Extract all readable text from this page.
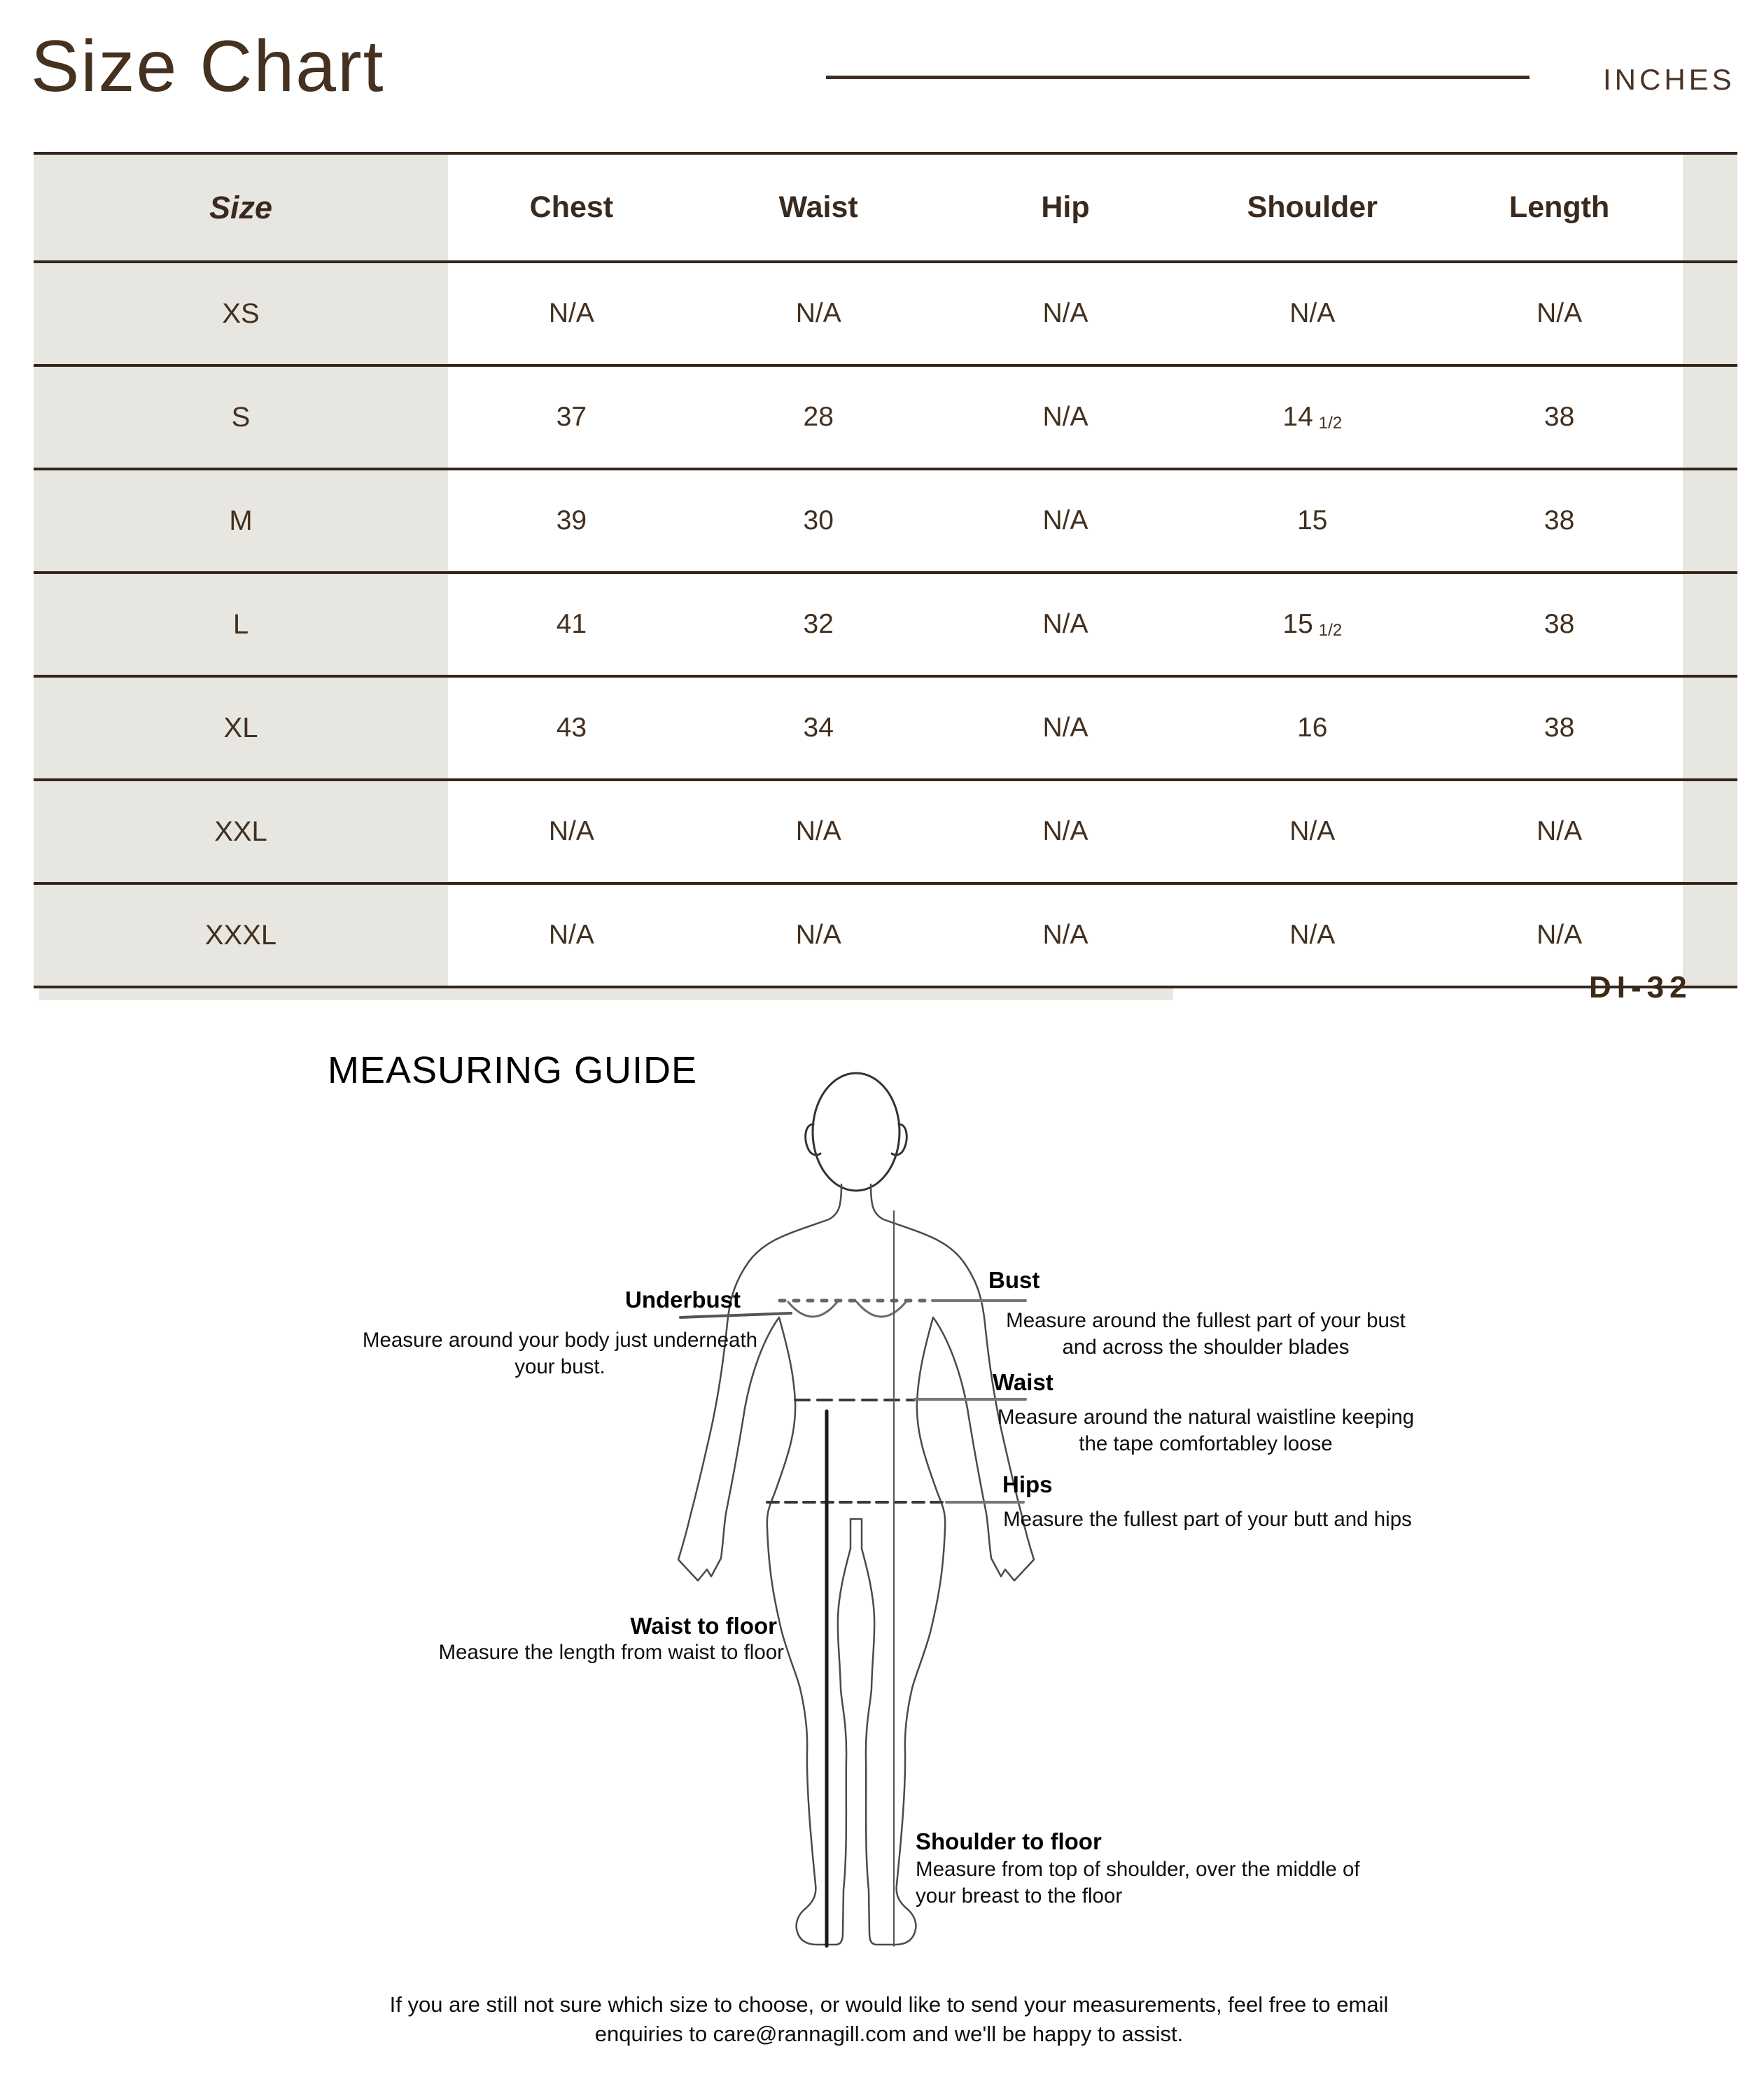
Size Chart	INCHES
Size	Chest	Waist	Hip	Shoulder	Length
XS	N/A	N/A	N/A	N/A	N/A
S	37	28	N/A	14 1/2	38
M	39	30	N/A	15	38
L	41	32	N/A	15 1/2	38
XL	43	34	N/A	16	38
XXL	N/A	N/A	N/A	N/A	N/A
XXXL	N/A	N/A	N/A	N/A	N/A
DI-32
MEASURING GUIDE
Underbust
Measure around your body just underneath
your bust.
Bust
Measure around the fullest part of your bust
and across the shoulder blades
Waist
Measure around the natural waistline keeping
the tape comfortabley loose
Hips
Measure the fullest part of your butt and hips
Waist to floor
Measure the length from waist to floor
Shoulder to floor
Measure from top of shoulder, over the middle of
your breast to the floor
If you are still not sure which size to choose, or would like to send your measurements, feel free to email
enquiries to care@rannagill.com and we'll be happy to assist.
